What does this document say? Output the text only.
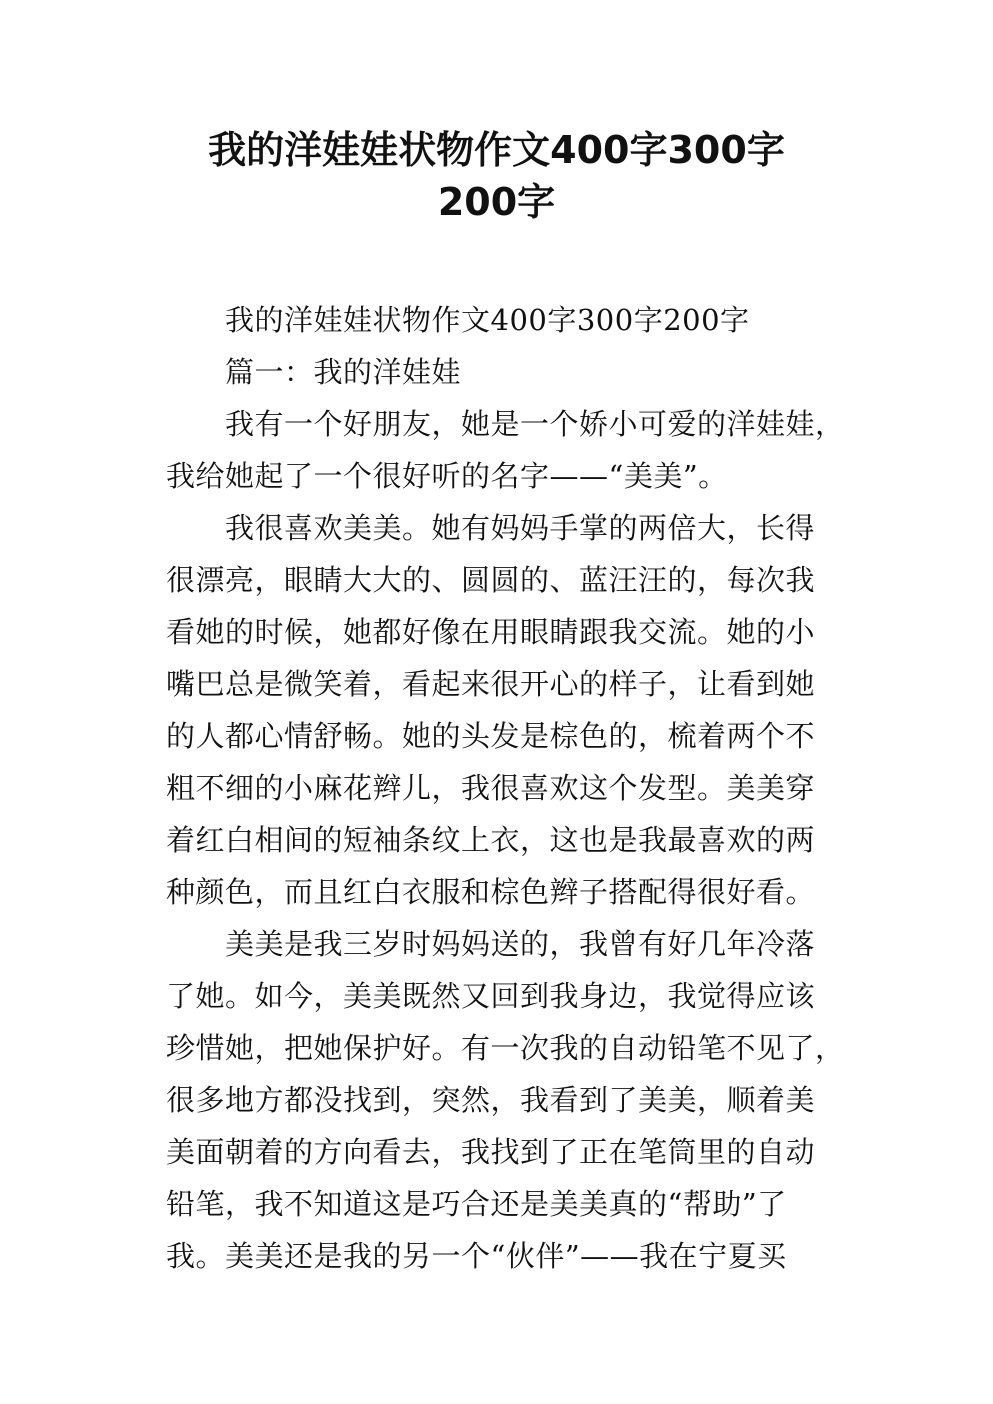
我的洋娃娃状物作文400字300字
200字
我的洋娃娃状物作文400字300字200字
篇一：我的洋娃娃
我有一个好朋友，她是一个娇小可爱的洋娃娃，
我给她起了一个很好听的名字——“美美”。
我很喜欢美美。她有妈妈手掌的两倍大，长得
很漂亮，眼睛大大的、圆圆的、蓝汪汪的，每次我
看她的时候，她都好像在用眼睛跟我交流。她的小
嘴巴总是微笑着，看起来很开心的样子，让看到她
的人都心情舒畅。她的头发是棕色的，梳着两个不
粗不细的小麻花辫儿，我很喜欢这个发型。美美穿
着红白相间的短袖条纹上衣，这也是我最喜欢的两
种颜色，而且红白衣服和棕色辫子搭配得很好看。
美美是我三岁时妈妈送的，我曾有好几年冷落
了她。如今，美美既然又回到我身边，我觉得应该
珍惜她，把她保护好。有一次我的自动铅笔不见了，
很多地方都没找到，突然，我看到了美美，顺着美
美面朝着的方向看去，我找到了正在笔筒里的自动
铅笔，我不知道这是巧合还是美美真的“帮助”了
我。美美还是我的另一个“伙伴”——我在宁夏买
